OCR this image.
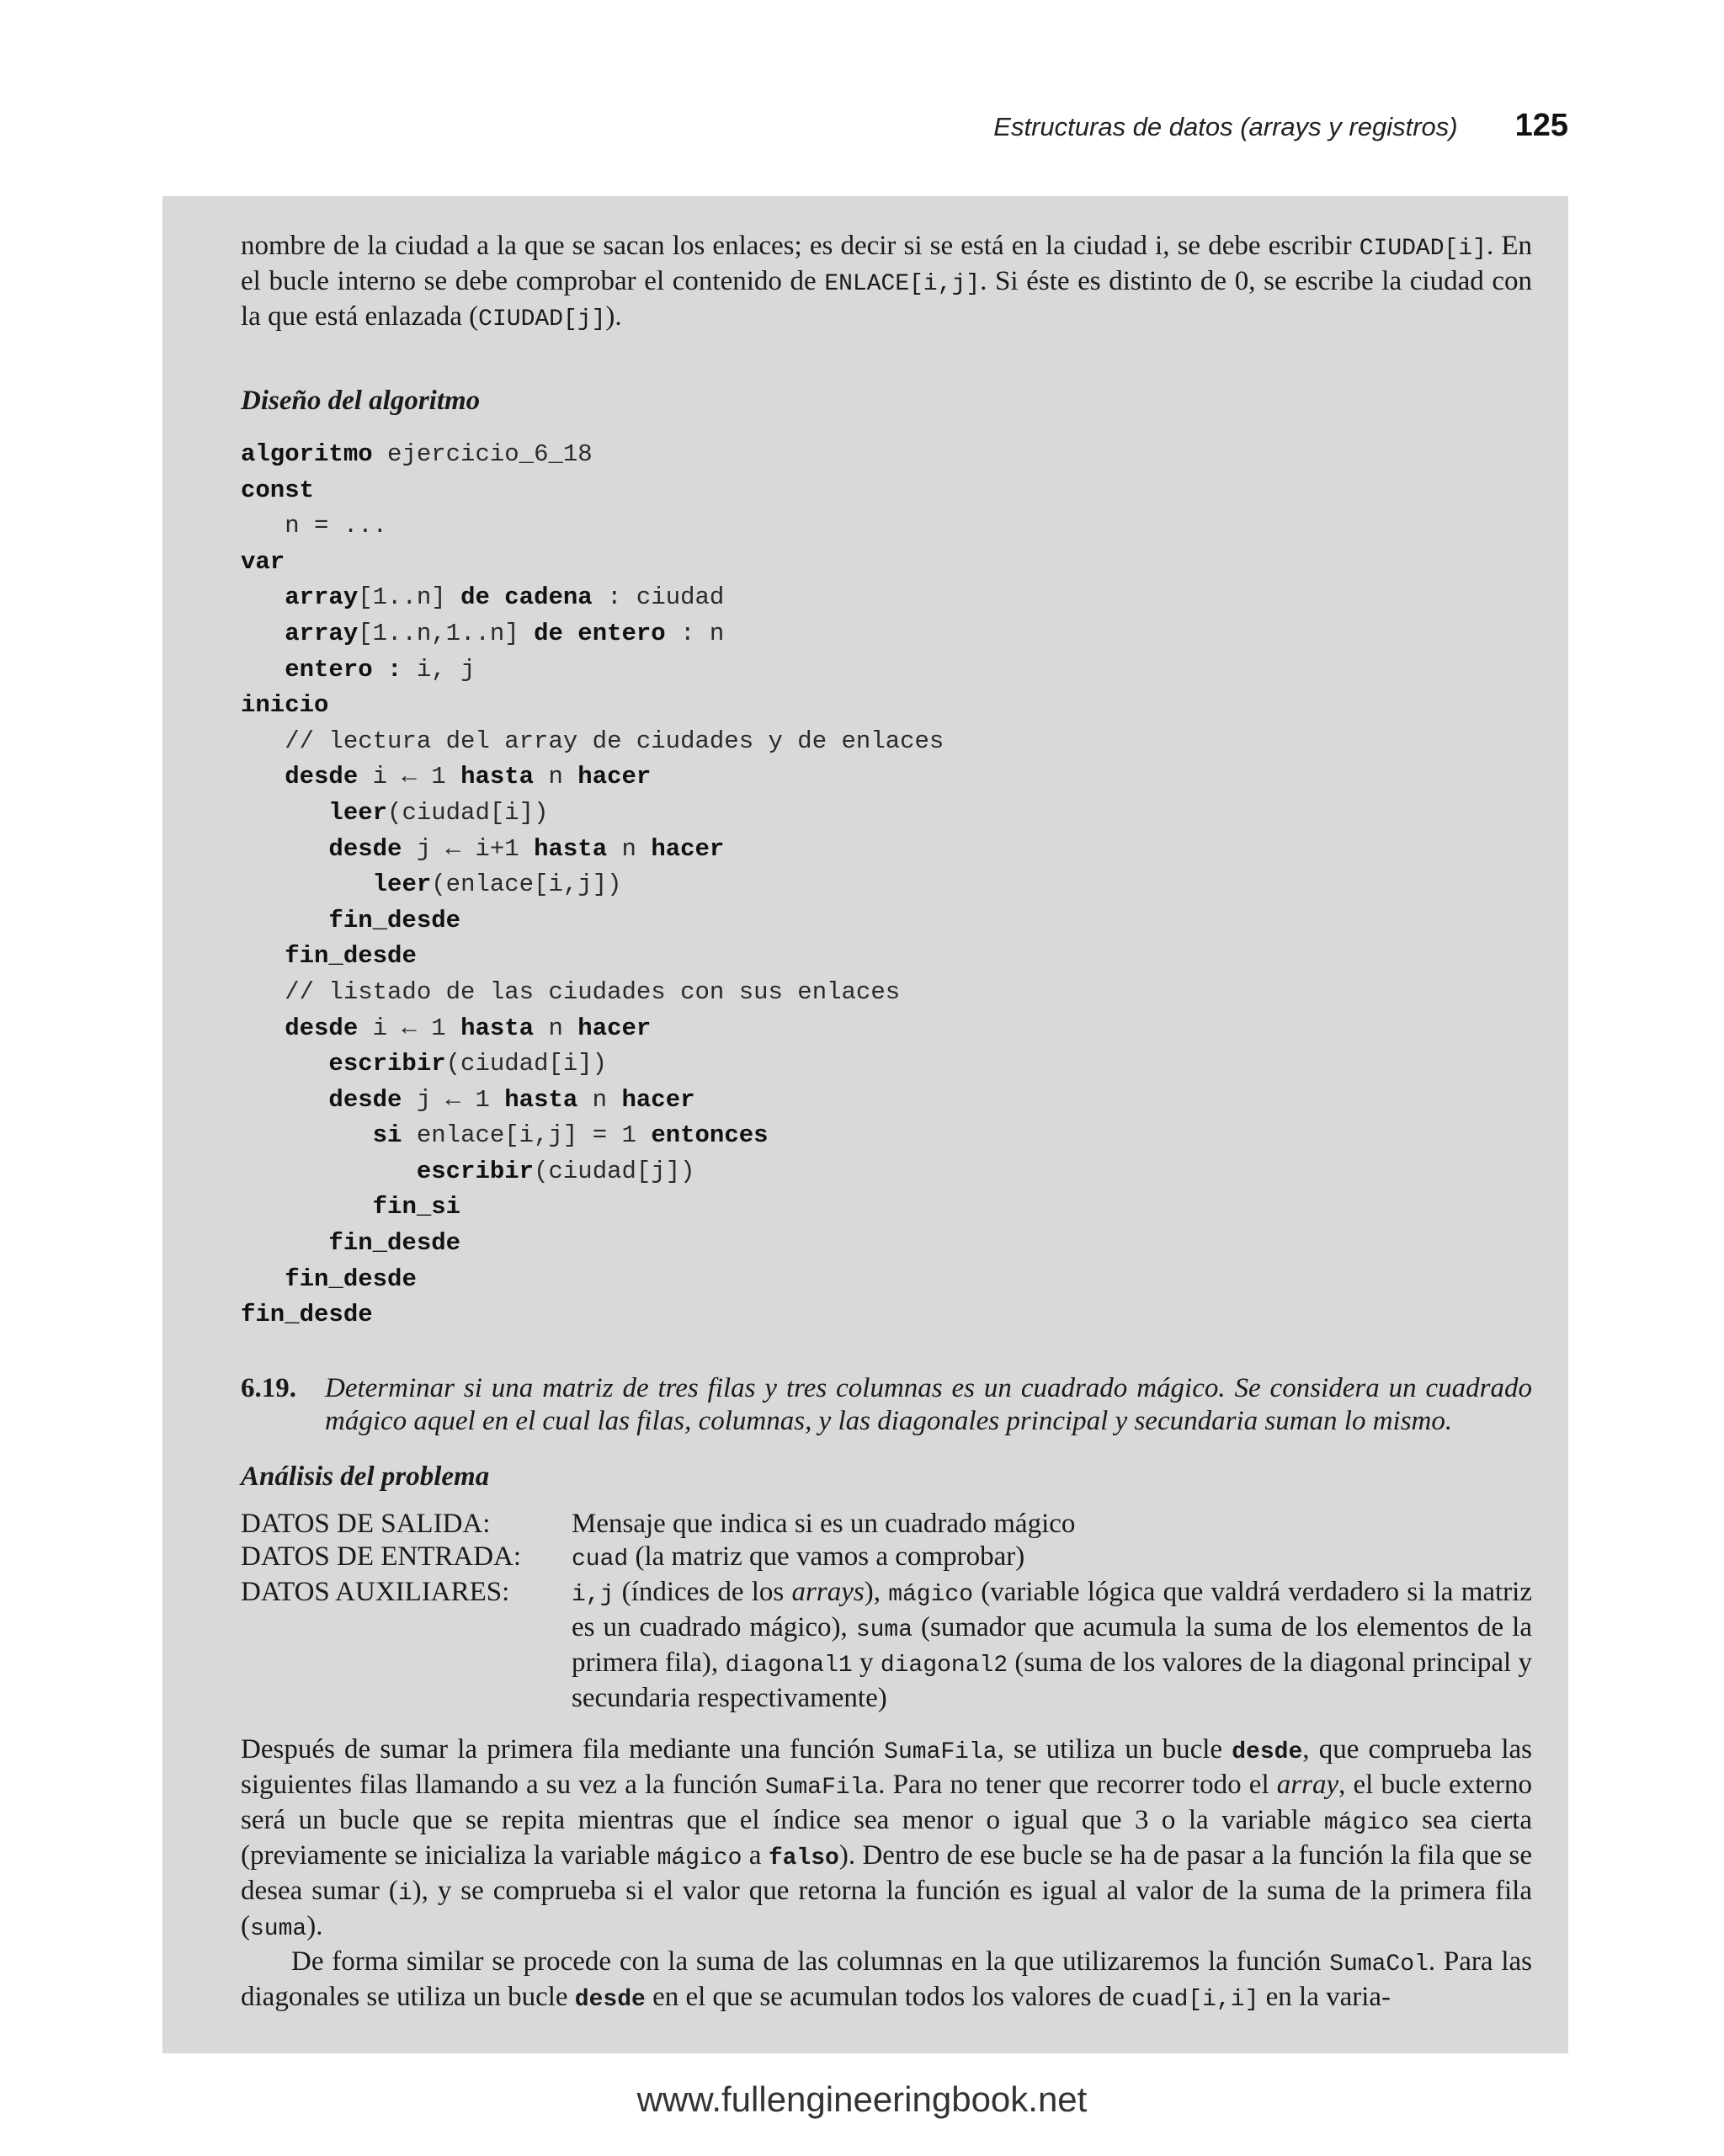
Estructuras de datos (arrays y registros) 125

nombre de la ciudad a la que se sacan los enlaces; es decir si se está en la ciudad i, se debe escribir CIUDAD[i]. En el bucle interno se debe comprobar el contenido de ENLACE[i,j]. Si éste es distinto de 0, se escribe la ciudad con la que está enlazada (CIUDAD[j]).

Diseño del algoritmo

algoritmo ejercicio_6_18
const
n = ...
var
array[1..n] de cadena : ciudad
array[1..n,1..n] de entero : n
entero : i, j
inicio
// lectura del array de ciudades y de enlaces
desde i ← 1 hasta n hacer
leer(ciudad[i])
desde j ← i+1 hasta n hacer
leer(enlace[i,j])
fin_desde
fin_desde
// listado de las ciudades con sus enlaces
desde i ← 1 hasta n hacer
escribir(ciudad[i])
desde j ← 1 hasta n hacer
si enlace[i,j] = 1 entonces
escribir(ciudad[j])
fin_si
fin_desde
fin_desde
fin_desde
6.19.	Determinar si una matriz de tres filas y tres columnas es un cuadrado mágico. Se considera un cuadrado mágico aquel en el cual las filas, columnas, y las diagonales principal y secundaria suman lo mismo.

Análisis del problema

DATOS DE SALIDA:	Mensaje que indica si es un cuadrado mágico
DATOS DE ENTRADA:	cuad (la matriz que vamos a comprobar)
DATOS AUXILIARES:	i,j (índices de los arrays), mágico (variable lógica que valdrá verdadero si la matriz es un cuadrado mágico), suma (sumador que acumula la suma de los elementos de la primera fila), diagonal1 y diagonal2 (suma de los valores de la diagonal principal y secundaria respectivamente)

Después de sumar la primera fila mediante una función SumaFila, se utiliza un bucle desde, que comprueba las siguientes filas llamando a su vez a la función SumaFila. Para no tener que recorrer todo el array, el bucle externo será un bucle que se repita mientras que el índice sea menor o igual que 3 o la variable mágico sea cierta (previamente se inicializa la variable mágico a falso). Dentro de ese bucle se ha de pasar a la función la fila que se desea sumar (i), y se comprueba si el valor que retorna la función es igual al valor de la suma de la primera fila (suma).

De forma similar se procede con la suma de las columnas en la que utilizaremos la función SumaCol. Para las diagonales se utiliza un bucle desde en el que se acumulan todos los valores de cuad[i,i] en la varia-

www.fullengineeringbook.net
